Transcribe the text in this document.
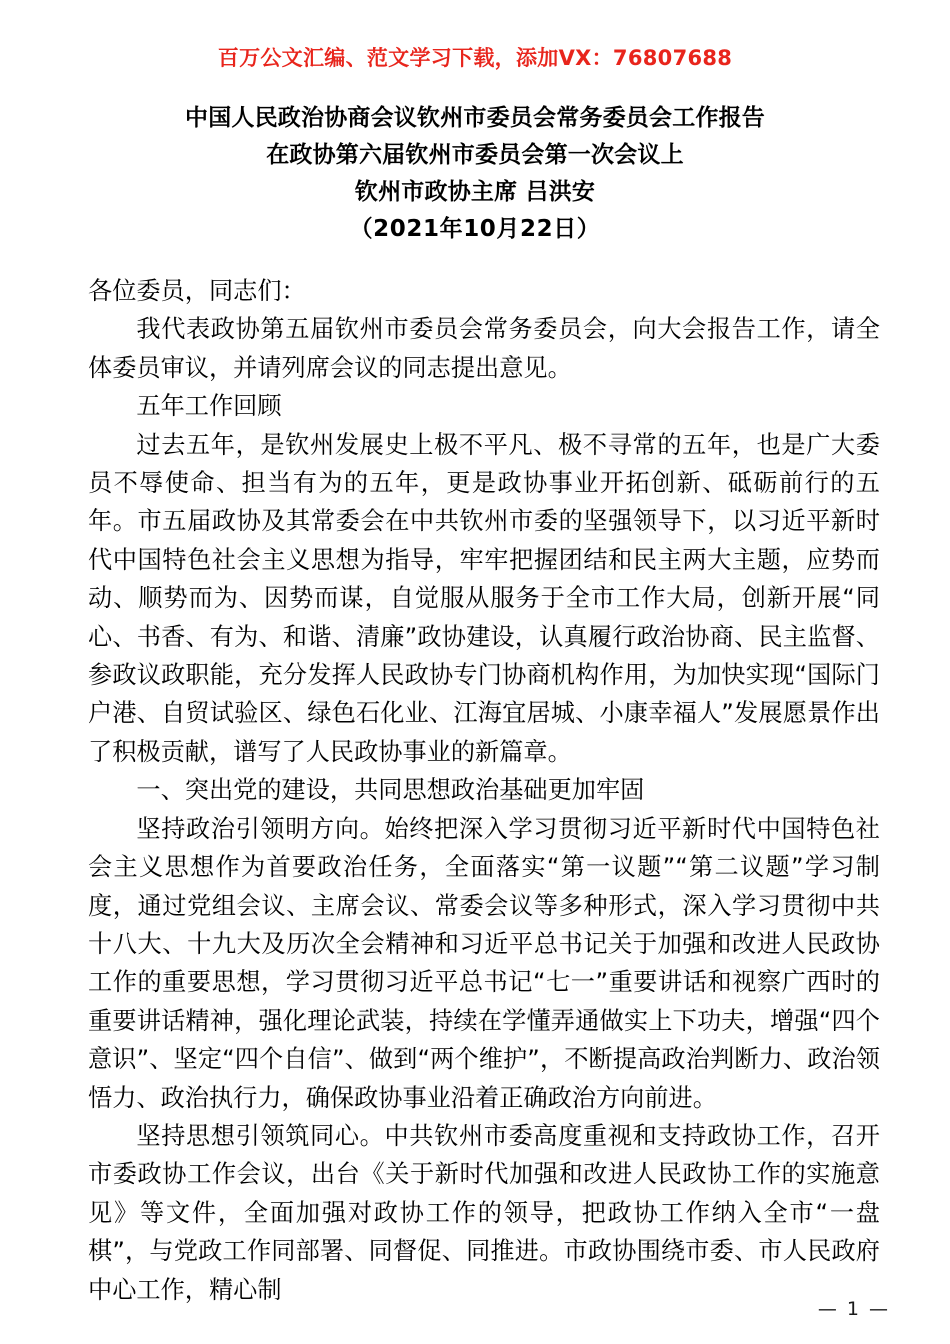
百万公文汇编、范文学习下载，添加VX：76807688
中国人民政治协商会议钦州市委员会常务委员会工作报告
在政协第六届钦州市委员会第一次会议上
钦州市政协主席 吕洪安
（2021年10月22日）

各位委员，同志们：

我代表政协第五届钦州市委员会常务委员会，向大会报告工作，请全体委员审议，并请列席会议的同志提出意见。

五年工作回顾

过去五年，是钦州发展史上极不平凡、极不寻常的五年，也是广大委员不辱使命、担当有为的五年，更是政协事业开拓创新、砥砺前行的五年。市五届政协及其常委会在中共钦州市委的坚强领导下，以习近平新时代中国特色社会主义思想为指导，牢牢把握团结和民主两大主题，应势而动、顺势而为、因势而谋，自觉服从服务于全市工作大局，创新开展“同心、书香、有为、和谐、清廉”政协建设，认真履行政治协商、民主监督、参政议政职能，充分发挥人民政协专门协商机构作用，为加快实现“国际门户港、自贸试验区、绿色石化业、江海宜居城、小康幸福人”发展愿景作出了积极贡献，谱写了人民政协事业的新篇章。

一、突出党的建设，共同思想政治基础更加牢固

坚持政治引领明方向。始终把深入学习贯彻习近平新时代中国特色社会主义思想作为首要政治任务，全面落实“第一议题”“第二议题”学习制度，通过党组会议、主席会议、常委会议等多种形式，深入学习贯彻中共十八大、十九大及历次全会精神和习近平总书记关于加强和改进人民政协工作的重要思想，学习贯彻习近平总书记“七一”重要讲话和视察广西时的重要讲话精神，强化理论武装，持续在学懂弄通做实上下功夫，增强“四个意识”、坚定“四个自信”、做到“两个维护”，不断提高政治判断力、政治领悟力、政治执行力，确保政协事业沿着正确政治方向前进。

坚持思想引领筑同心。中共钦州市委高度重视和支持政协工作，召开市委政协工作会议，出台《关于新时代加强和改进人民政协工作的实施意见》等文件，全面加强对政协工作的领导，把政协工作纳入全市“一盘棋”，与党政工作同部署、同督促、同推进。市政协围绕市委、市人民政府中心工作，精心制

— 1 —
